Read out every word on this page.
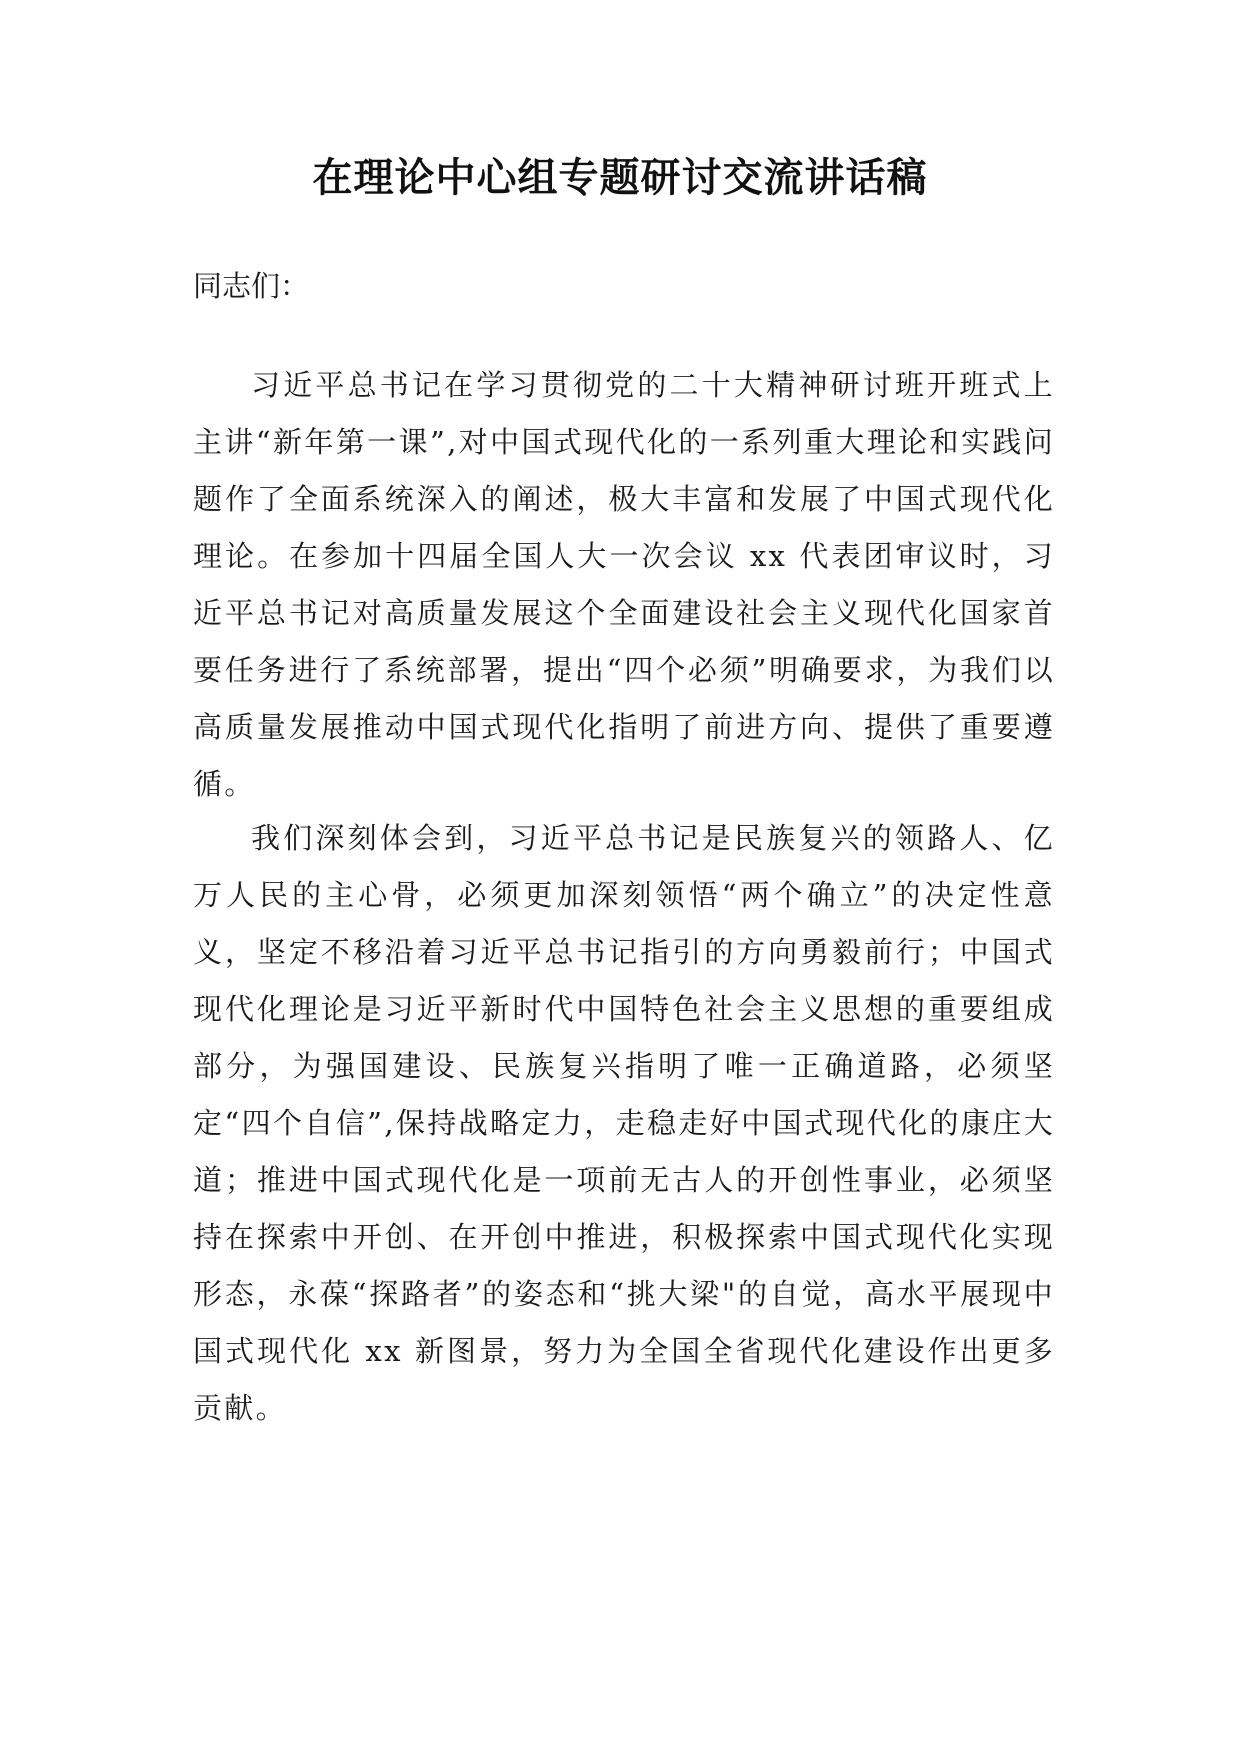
在理论中心组专题研讨交流讲话稿

同志们：

习近平总书记在学习贯彻党的二十大精神研讨班开班式上主讲“新年第一课”,对中国式现代化的一系列重大理论和实践问题作了全面系统深入的阐述，极大丰富和发展了中国式现代化理论。在参加十四届全国人大一次会议 xx 代表团审议时，习近平总书记对高质量发展这个全面建设社会主义现代化国家首要任务进行了系统部署，提出“四个必须”明确要求，为我们以高质量发展推动中国式现代化指明了前进方向、提供了重要遵循。

我们深刻体会到，习近平总书记是民族复兴的领路人、亿万人民的主心骨，必须更加深刻领悟“两个确立”的决定性意义，坚定不移沿着习近平总书记指引的方向勇毅前行；中国式现代化理论是习近平新时代中国特色社会主义思想的重要组成部分，为强国建设、民族复兴指明了唯一正确道路，必须坚定“四个自信”,保持战略定力，走稳走好中国式现代化的康庄大道；推进中国式现代化是一项前无古人的开创性事业，必须坚持在探索中开创、在开创中推进，积极探索中国式现代化实现形态，永葆“探路者”的姿态和“挑大梁"的自觉，高水平展现中国式现代化 xx 新图景，努力为全国全省现代化建设作出更多贡献。
